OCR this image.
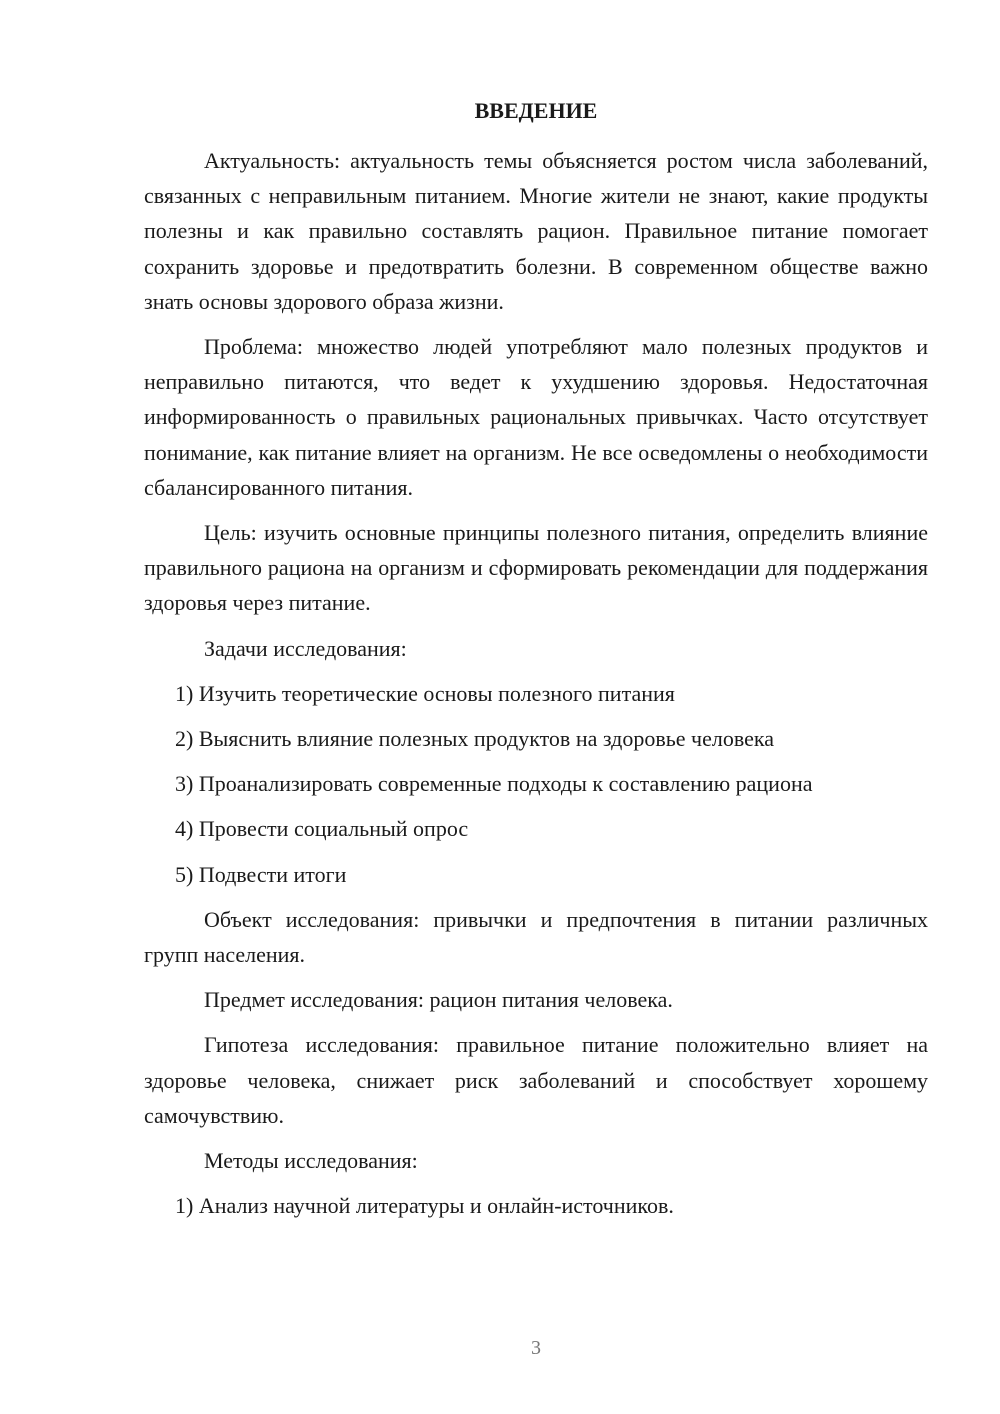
ВВЕДЕНИЕ

Актуальность: актуальность темы объясняется ростом числа заболеваний, связанных с неправильным питанием. Многие жители не знают, какие продукты полезны и как правильно составлять рацион. Правильное питание помогает сохранить здоровье и предотвратить болезни. В современном обществе важно знать основы здорового образа жизни.

Проблема: множество людей употребляют мало полезных продуктов и неправильно питаются, что ведет к ухудшению здоровья. Недостаточная информированность о правильных рациональных привычках. Часто отсутствует понимание, как питание влияет на организм. Не все осведомлены о необходимости сбалансированного питания.

Цель: изучить основные принципы полезного питания, определить влияние правильного рациона на организм и сформировать рекомендации для поддержания здоровья через питание.

Задачи исследования:

1) Изучить теоретические основы полезного питания

2) Выяснить влияние полезных продуктов на здоровье человека

3) Проанализировать современные подходы к составлению рациона

4) Провести социальный опрос

5) Подвести итоги

Объект исследования: привычки и предпочтения в питании различных групп населения.

Предмет исследования: рацион питания человека.

Гипотеза исследования: правильное питание положительно влияет на здоровье человека, снижает риск заболеваний и способствует хорошему самочувствию.

Методы исследования:

1) Анализ научной литературы и онлайн-источников.

3
